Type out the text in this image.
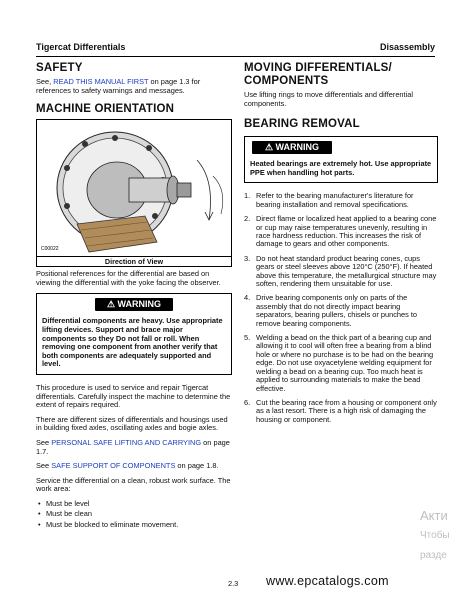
Tigercat Differentials	Disassembly
SAFETY

See, READ THIS MANUAL FIRST on page 1.3 for references to safety warnings and messages.

MACHINE ORIENTATION
C00022
Direction of View

Positional references for the differential are based on viewing the differential with the yoke facing the observer.

⚠ WARNING
Differential components are heavy. Use appropriate lifting devices. Support and brace major components so they Do not fall or roll. When removing one component from another verify that both components are adequately supported and level.

This procedure is used to service and repair Tigercat differentials. Carefully inspect the machine to determine the extent of repairs required.

There are different sizes of differentials and housings used in building fixed axles, oscillating axles and bogie axles.

See PERSONAL SAFE LIFTING AND CARRYING on page 1.7.

See SAFE SUPPORT OF COMPONENTS on page 1.8.

Service the differential on a clean, robust work surface. The work area:

• Must be level
• Must be clean
• Must be blocked to eliminate movement.
MOVING DIFFERENTIALS/ COMPONENTS

Use lifting rings to move differentials and differential components.

BEARING REMOVAL
⚠ WARNING
Heated bearings are extremely hot. Use appropriate PPE when handling hot parts.
1. Refer to the bearing manufacturer's literature for bearing installation and removal specifications.
2. Direct flame or localized heat applied to a bearing cone or cup may raise temperatures unevenly, resulting in race hardness reduction. This increases the risk of damage to gears and other components.
3. Do not heat standard product bearing cones, cups gears or steel sleeves above 120°C (250°F). If heated above this temperature, the metallurgical structure may soften, rendering them unsuitable for use.
4. Drive bearing components only on parts of the assembly that do not directly impact bearing separators, bearing pullers, chisels or punches to remove bearing components.
5. Welding a bead on the thick part of a bearing cup and allowing it to cool will often free a bearing from a blind hole or where no purchase is to be had on the bearing edge. Do not use oxyacetylene welding equipment for welding a bead on a bearing cup. Too much heat is applied to surrounding materials to make the bead effective.
6. Cut the bearing race from a housing or component only as a last resort. There is a high risk of damaging the housing or component.
Акти
Чтобы
разде
2.3 www.epcatalogs.com
